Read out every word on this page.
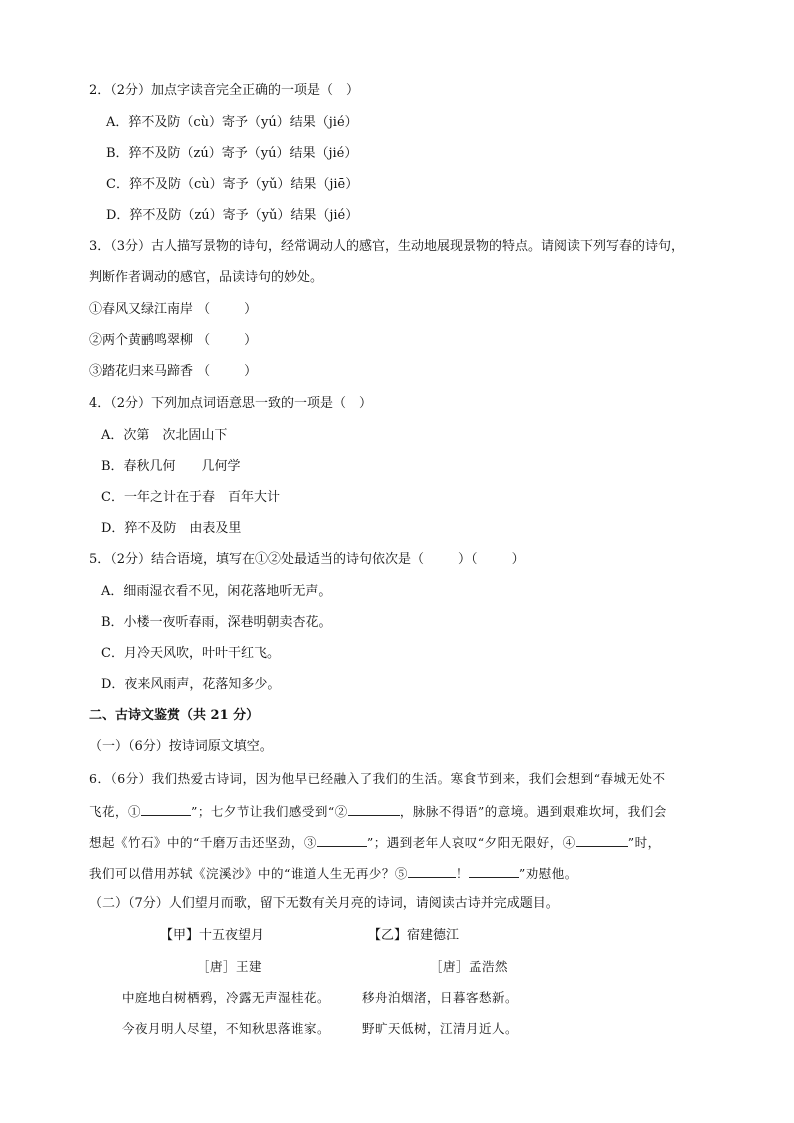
2．（2分）加点字读音完全正确的一项是（　）
A．猝不及防（cù）寄予（yú）结果（jié）
B．猝不及防（zú）寄予（yú）结果（jié）
C．猝不及防（cù）寄予（yǔ）结果（jiē）
D．猝不及防（zú）寄予（yǔ）结果（jié）
3．（3分）古人描写景物的诗句，经常调动人的感官，生动地展现景物的特点。请阅读下列写春的诗句，
判断作者调动的感官，品读诗句的妙处。
①春风又绿江南岸 （	）
②两个黄鹂鸣翠柳 （	）
③踏花归来马蹄香 （	）
4．（2分）下列加点词语意思一致的一项是（　）
A．次第　次北固山下
B．春秋几何　　几何学
C．一年之计在于春　百年大计
D．猝不及防　由表及里
5．（2分）结合语境，填写在①②处最适当的诗句依次是（	）（	）
A．细雨湿衣看不见，闲花落地听无声。
B．小楼一夜听春雨，深巷明朝卖杏花。
C．月冷天风吹，叶叶干红飞。
D．夜来风雨声，花落知多少。
二、古诗文鉴赏（共 21 分）
（一）（6分）按诗词原文填空。
6．（6分）我们热爱古诗词，因为他早已经融入了我们的生活。寒食节到来，我们会想到“春城无处不
飞花，①	”；七夕节让我们感受到“②	，脉脉不得语”的意境。遇到艰难坎坷，我们会
想起《竹石》中的“千磨万击还坚劲，③	”；遇到老年人哀叹“夕阳无限好，④	”时，
我们可以借用苏轼《浣溪沙》中的“谁道人生无再少？⑤	！	”劝慰他。
（二）（7分）人们望月而歌，留下无数有关月亮的诗词，请阅读古诗并完成题目。
【甲】十五夜望月	【乙】宿建德江
［唐］王建	［唐］孟浩然
中庭地白树栖鸦，冷露无声湿桂花。	移舟泊烟渚，日暮客愁新。
今夜月明人尽望，不知秋思落谁家。	野旷天低树，江清月近人。
